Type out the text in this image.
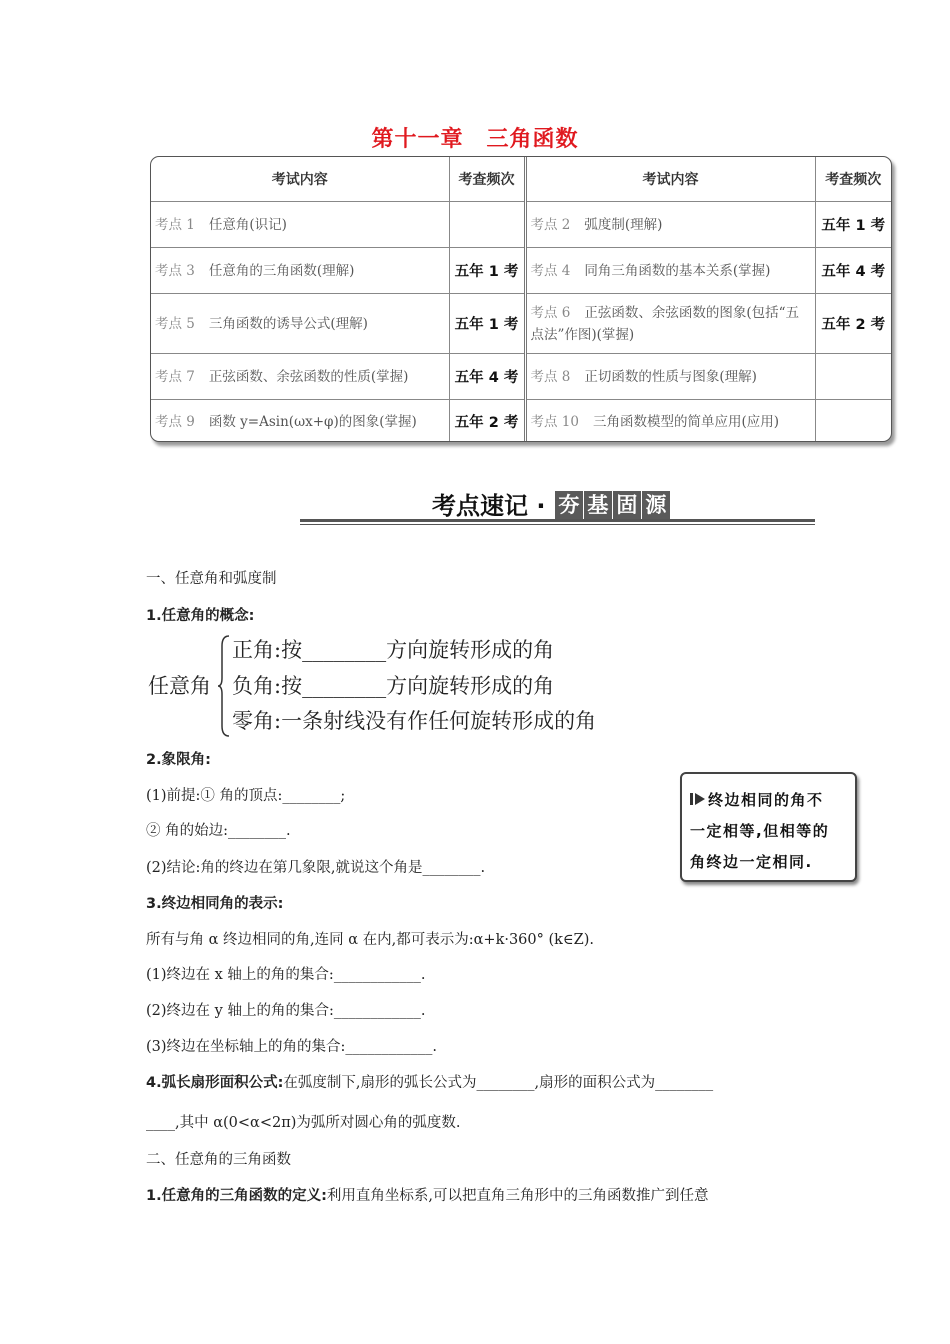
第十一章　三角函数
考试内容	考查频次	考试内容	考查频次
考点 1 任意角(识记)		考点 2 弧度制(理解)	五年 1 考
考点 3 任意角的三角函数(理解)	五年 1 考	考点 4 同角三角函数的基本关系(掌握)	五年 4 考
考点 5 三角函数的诱导公式(理解)	五年 1 考	考点 6 正弦函数、余弦函数的图象(包括“五点法”作图)(掌握)	五年 2 考
考点 7 正弦函数、余弦函数的性质(掌握)	五年 4 考	考点 8 正切函数的性质与图象(理解)	
考点 9 函数 y=Asin(ωx+φ)的图象(掌握)	五年 2 考	考点 10 三角函数模型的简单应用(应用)	
考点速记 · 夯 基 固 源
一、任意角和弧度制
1.任意角的概念:
任意角
正角:按________方向旋转形成的角
负角:按________方向旋转形成的角
零角:一条射线没有作任何旋转形成的角
2.象限角:
(1)前提:① 角的顶点:________;
② 角的始边:________.
(2)结论:角的终边在第几象限,就说这个角是________.
终边相同的角不
一定相等,但相等的
角终边一定相同.
3.终边相同角的表示:
所有与角 α 终边相同的角,连同 α 在内,都可表示为:α+k·360° (k∈Z).
(1)终边在 x 轴上的角的集合:____________.
(2)终边在 y 轴上的角的集合:____________.
(3)终边在坐标轴上的角的集合:____________.
4.弧长扇形面积公式:在弧度制下,扇形的弧长公式为________,扇形的面积公式为________
____,其中 α(0<α<2π)为弧所对圆心角的弧度数.
二、任意角的三角函数
1.任意角的三角函数的定义:利用直角坐标系,可以把直角三角形中的三角函数推广到任意
